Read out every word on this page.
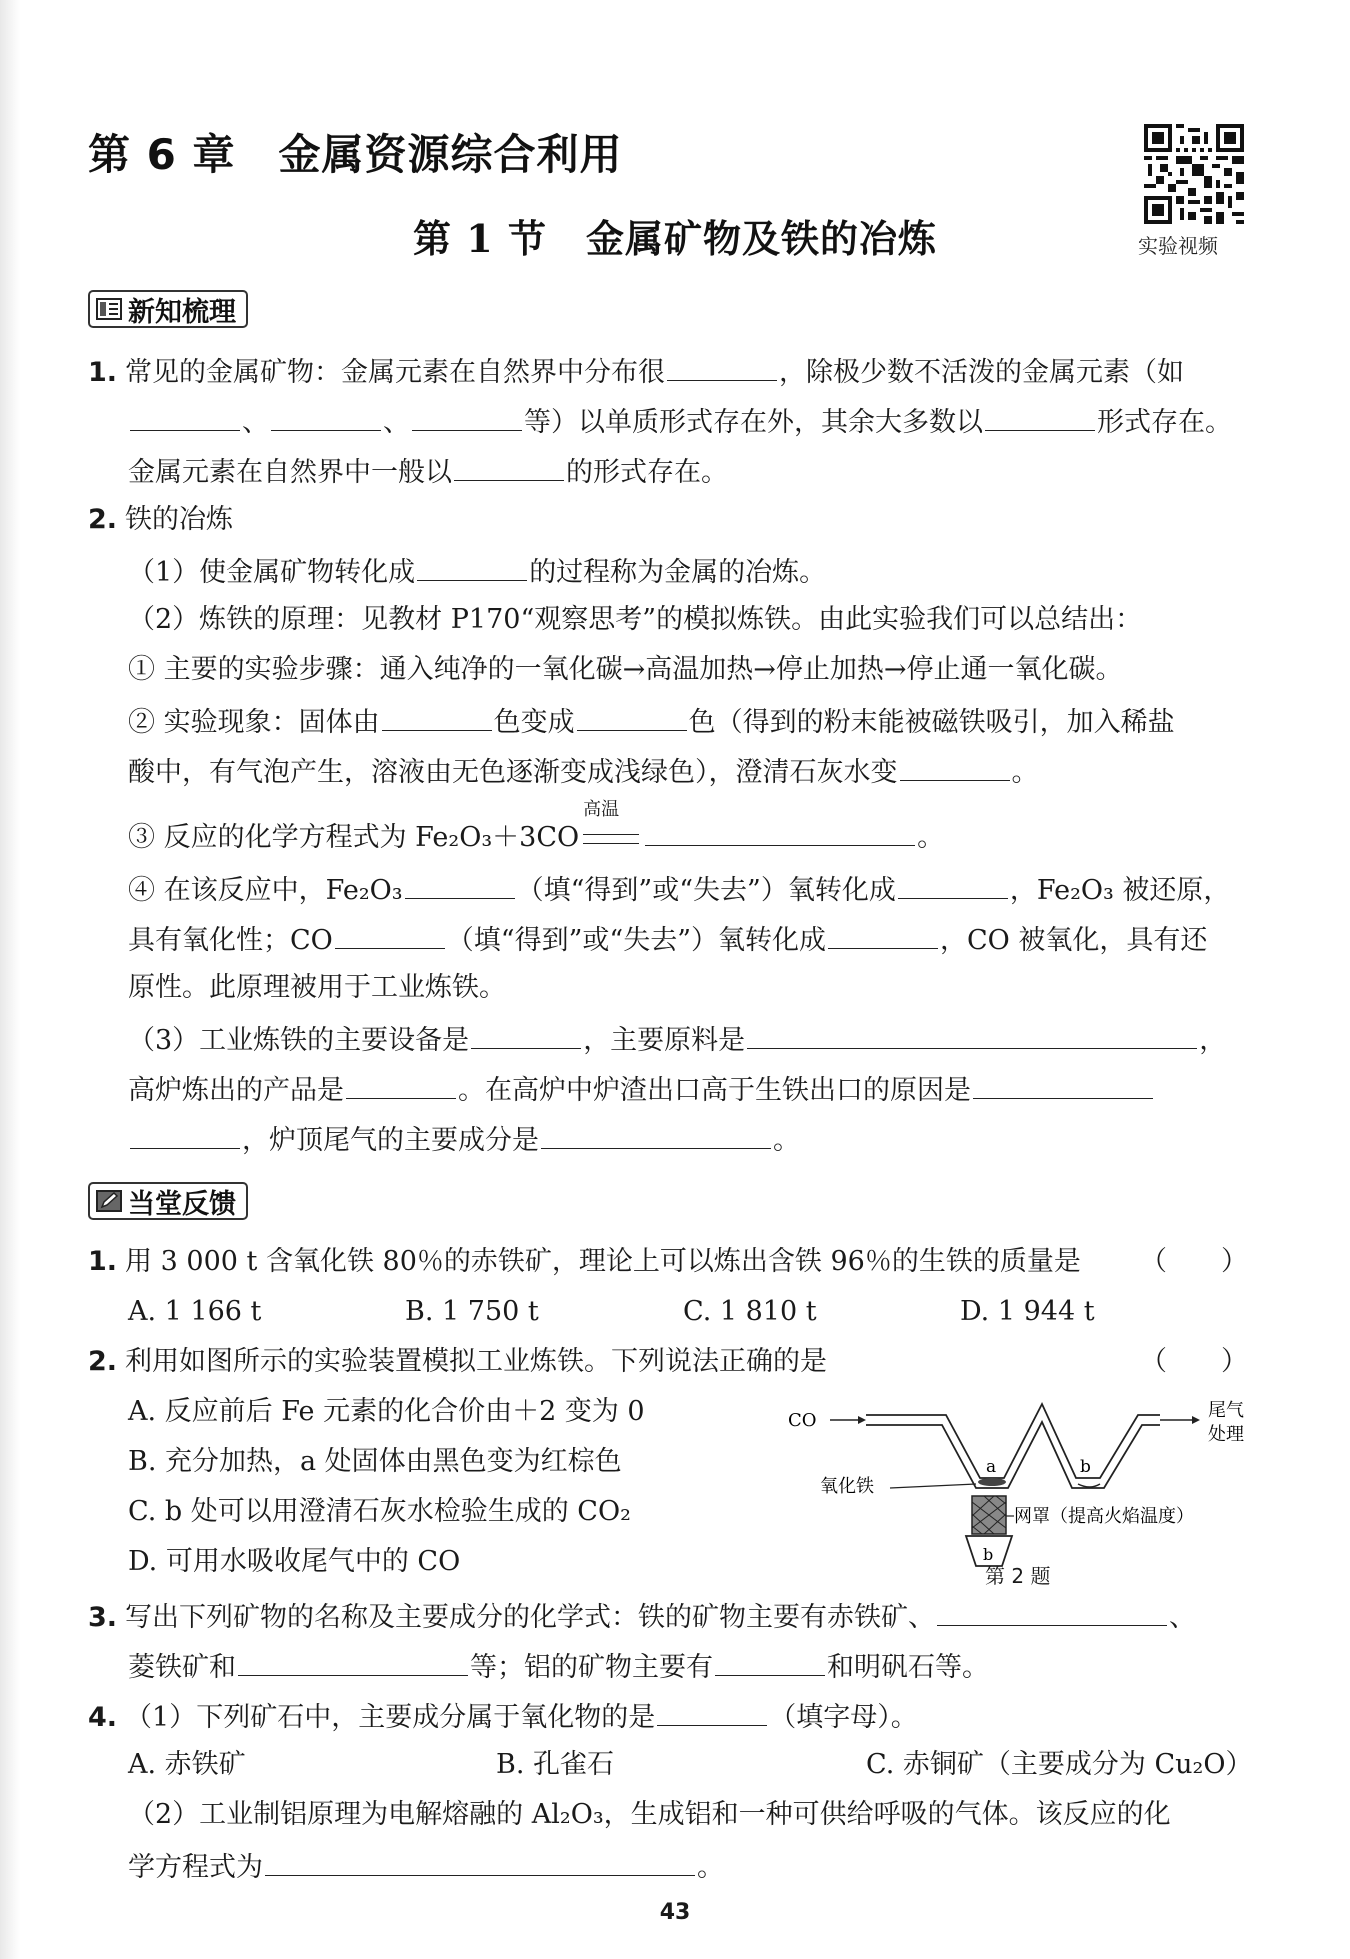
第 6 章　金属资源综合利用
第 1 节　金属矿物及铁的冶炼	实验视频
新知梳理
1. 常见的金属矿物：金属元素在自然界中分布很	，除极少数不活泼的金属元素（如
、	、	等）以单质形式存在外，其余大多数以	形式存在。
金属元素在自然界中一般以	的形式存在。
2. 铁的冶炼
（1）使金属矿物转化成	的过程称为金属的冶炼。
（2）炼铁的原理：见教材 P170“观察思考”的模拟炼铁。由此实验我们可以总结出：
① 主要的实验步骤：通入纯净的一氧化碳→高温加热→停止加热→停止通一氧化碳。
② 实验现象：固体由	色变成	色（得到的粉末能被磁铁吸引，加入稀盐
酸中，有气泡产生，溶液由无色逐渐变成浅绿色），澄清石灰水变	。
③ 反应的化学方程式为 Fe₂O₃＋3CO
高温
。
④ 在该反应中，Fe₂O₃	（填“得到”或“失去”）氧转化成	，Fe₂O₃ 被还原，
具有氧化性；CO	（填“得到”或“失去”）氧转化成	，CO 被氧化，具有还
原性。此原理被用于工业炼铁。
（3）工业炼铁的主要设备是	，主要原料是	，
高炉炼出的产品是	。在高炉中炉渣出口高于生铁出口的原因是
，炉顶尾气的主要成分是	。
当堂反馈
1. 用 3 000 t 含氧化铁 80％的赤铁矿，理论上可以炼出含铁 96％的生铁的质量是 （　　）
A. 1 166 t	B. 1 750 t	C. 1 810 t	D. 1 944 t
2. 利用如图所示的实验装置模拟工业炼铁。下列说法正确的是	（　　）
A. 反应前后 Fe 元素的化合价由＋2 变为 0
B. 充分加热，a 处固体由黑色变为红棕色
C. b 处可以用澄清石灰水检验生成的 CO₂
D. 可用水吸收尾气中的 CO
CO	尾气
处理
a	b
氧化铁
网罩（提高火焰温度）
b
第 2 题
3. 写出下列矿物的名称及主要成分的化学式：铁的矿物主要有赤铁矿、	、
菱铁矿和	等；铝的矿物主要有	和明矾石等。
4. （1）下列矿石中，主要成分属于氧化物的是	（填字母）。
A. 赤铁矿	B. 孔雀石	C. 赤铜矿（主要成分为 Cu₂O）
（2）工业制铝原理为电解熔融的 Al₂O₃，生成铝和一种可供给呼吸的气体。该反应的化
学方程式为	。
43
